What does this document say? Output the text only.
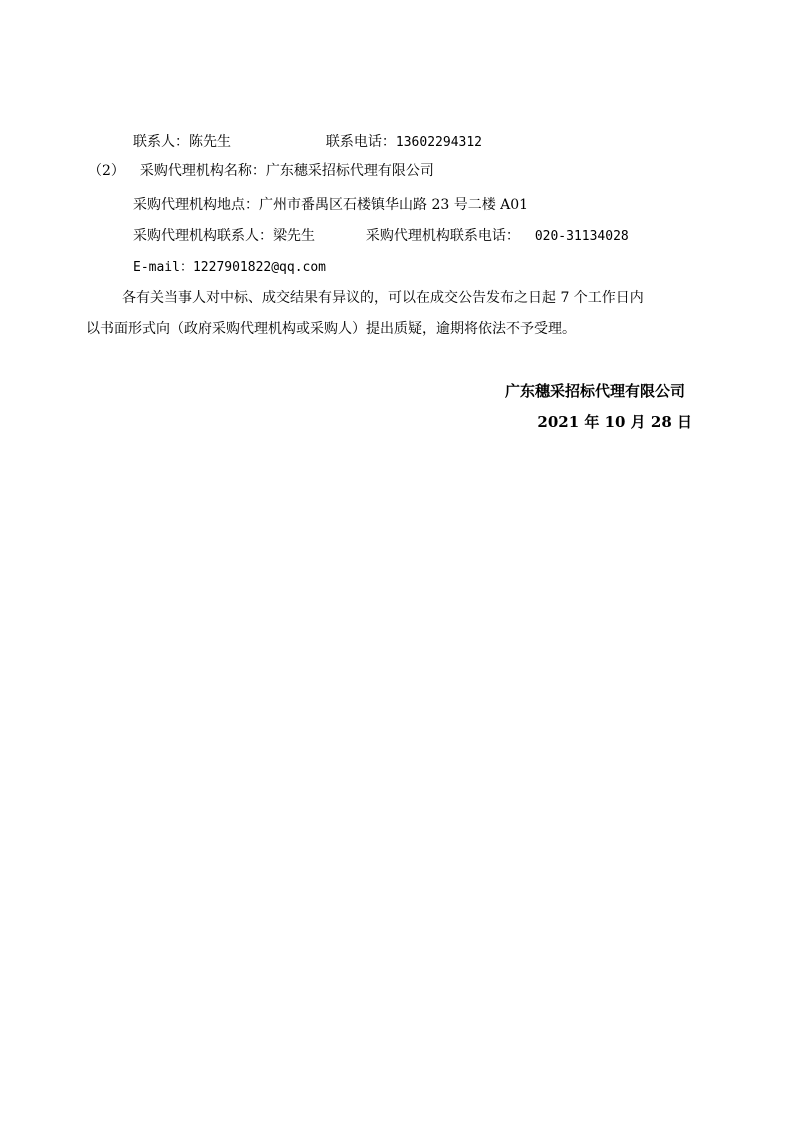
联系人：陈先生	联系电话：13602294312
（2） 采购代理机构名称：广东穗采招标代理有限公司
采购代理机构地点：广州市番禺区石楼镇华山路 23 号二楼 A01
采购代理机构联系人：梁先生	采购代理机构联系电话： 020-31134028
E-mail：1227901822@qq.com
各有关当事人对中标、成交结果有异议的，可以在成交公告发布之日起 7 个工作日内
以书面形式向（政府采购代理机构或采购人）提出质疑，逾期将依法不予受理。
广东穗采招标代理有限公司
2021 年 10 月 28 日
